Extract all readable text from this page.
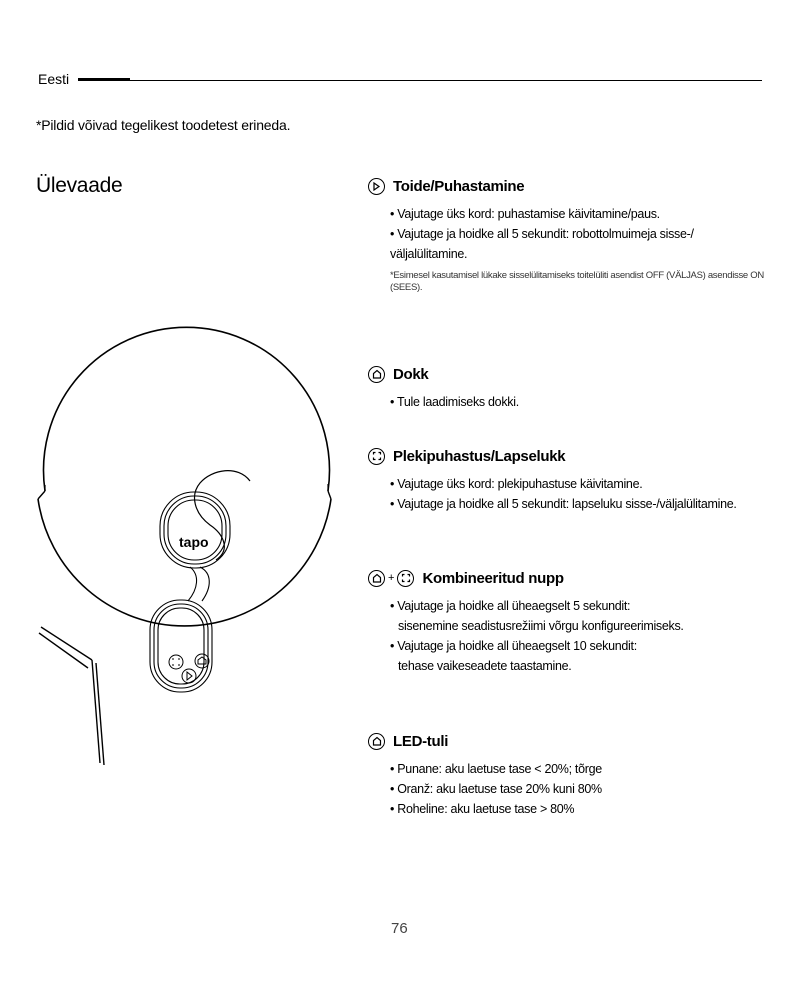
Eesti
*Pildid võivad tegelikest toodetest erineda.
Ülevaade
tapo
Toide/Puhastamine
• Vajutage üks kord: puhastamise käivitamine/paus.
• Vajutage ja hoidke all 5 sekundit: robottolmuimeja sisse-/
väljalülitamine.
*Esimesel kasutamisel lükake sisselülitamiseks toitelüliti asendist OFF (VÄLJAS) asendisse ON (SEES).
Dokk
• Tule laadimiseks dokki.
Plekipuhastus/Lapselukk
• Vajutage üks kord: plekipuhastuse käivitamine.
• Vajutage ja hoidke all 5 sekundit: lapseluku sisse-/väljalülitamine.
+ Kombineeritud nupp
• Vajutage ja hoidke all üheaegselt 5 sekundit:
sisenemine seadistusrežiimi võrgu konfigureerimiseks.
• Vajutage ja hoidke all üheaegselt 10 sekundit:
tehase vaikeseadete taastamine.
LED-tuli
• Punane: aku laetuse tase < 20%; tõrge
• Oranž: aku laetuse tase 20% kuni 80%
• Roheline: aku laetuse tase > 80%
76
